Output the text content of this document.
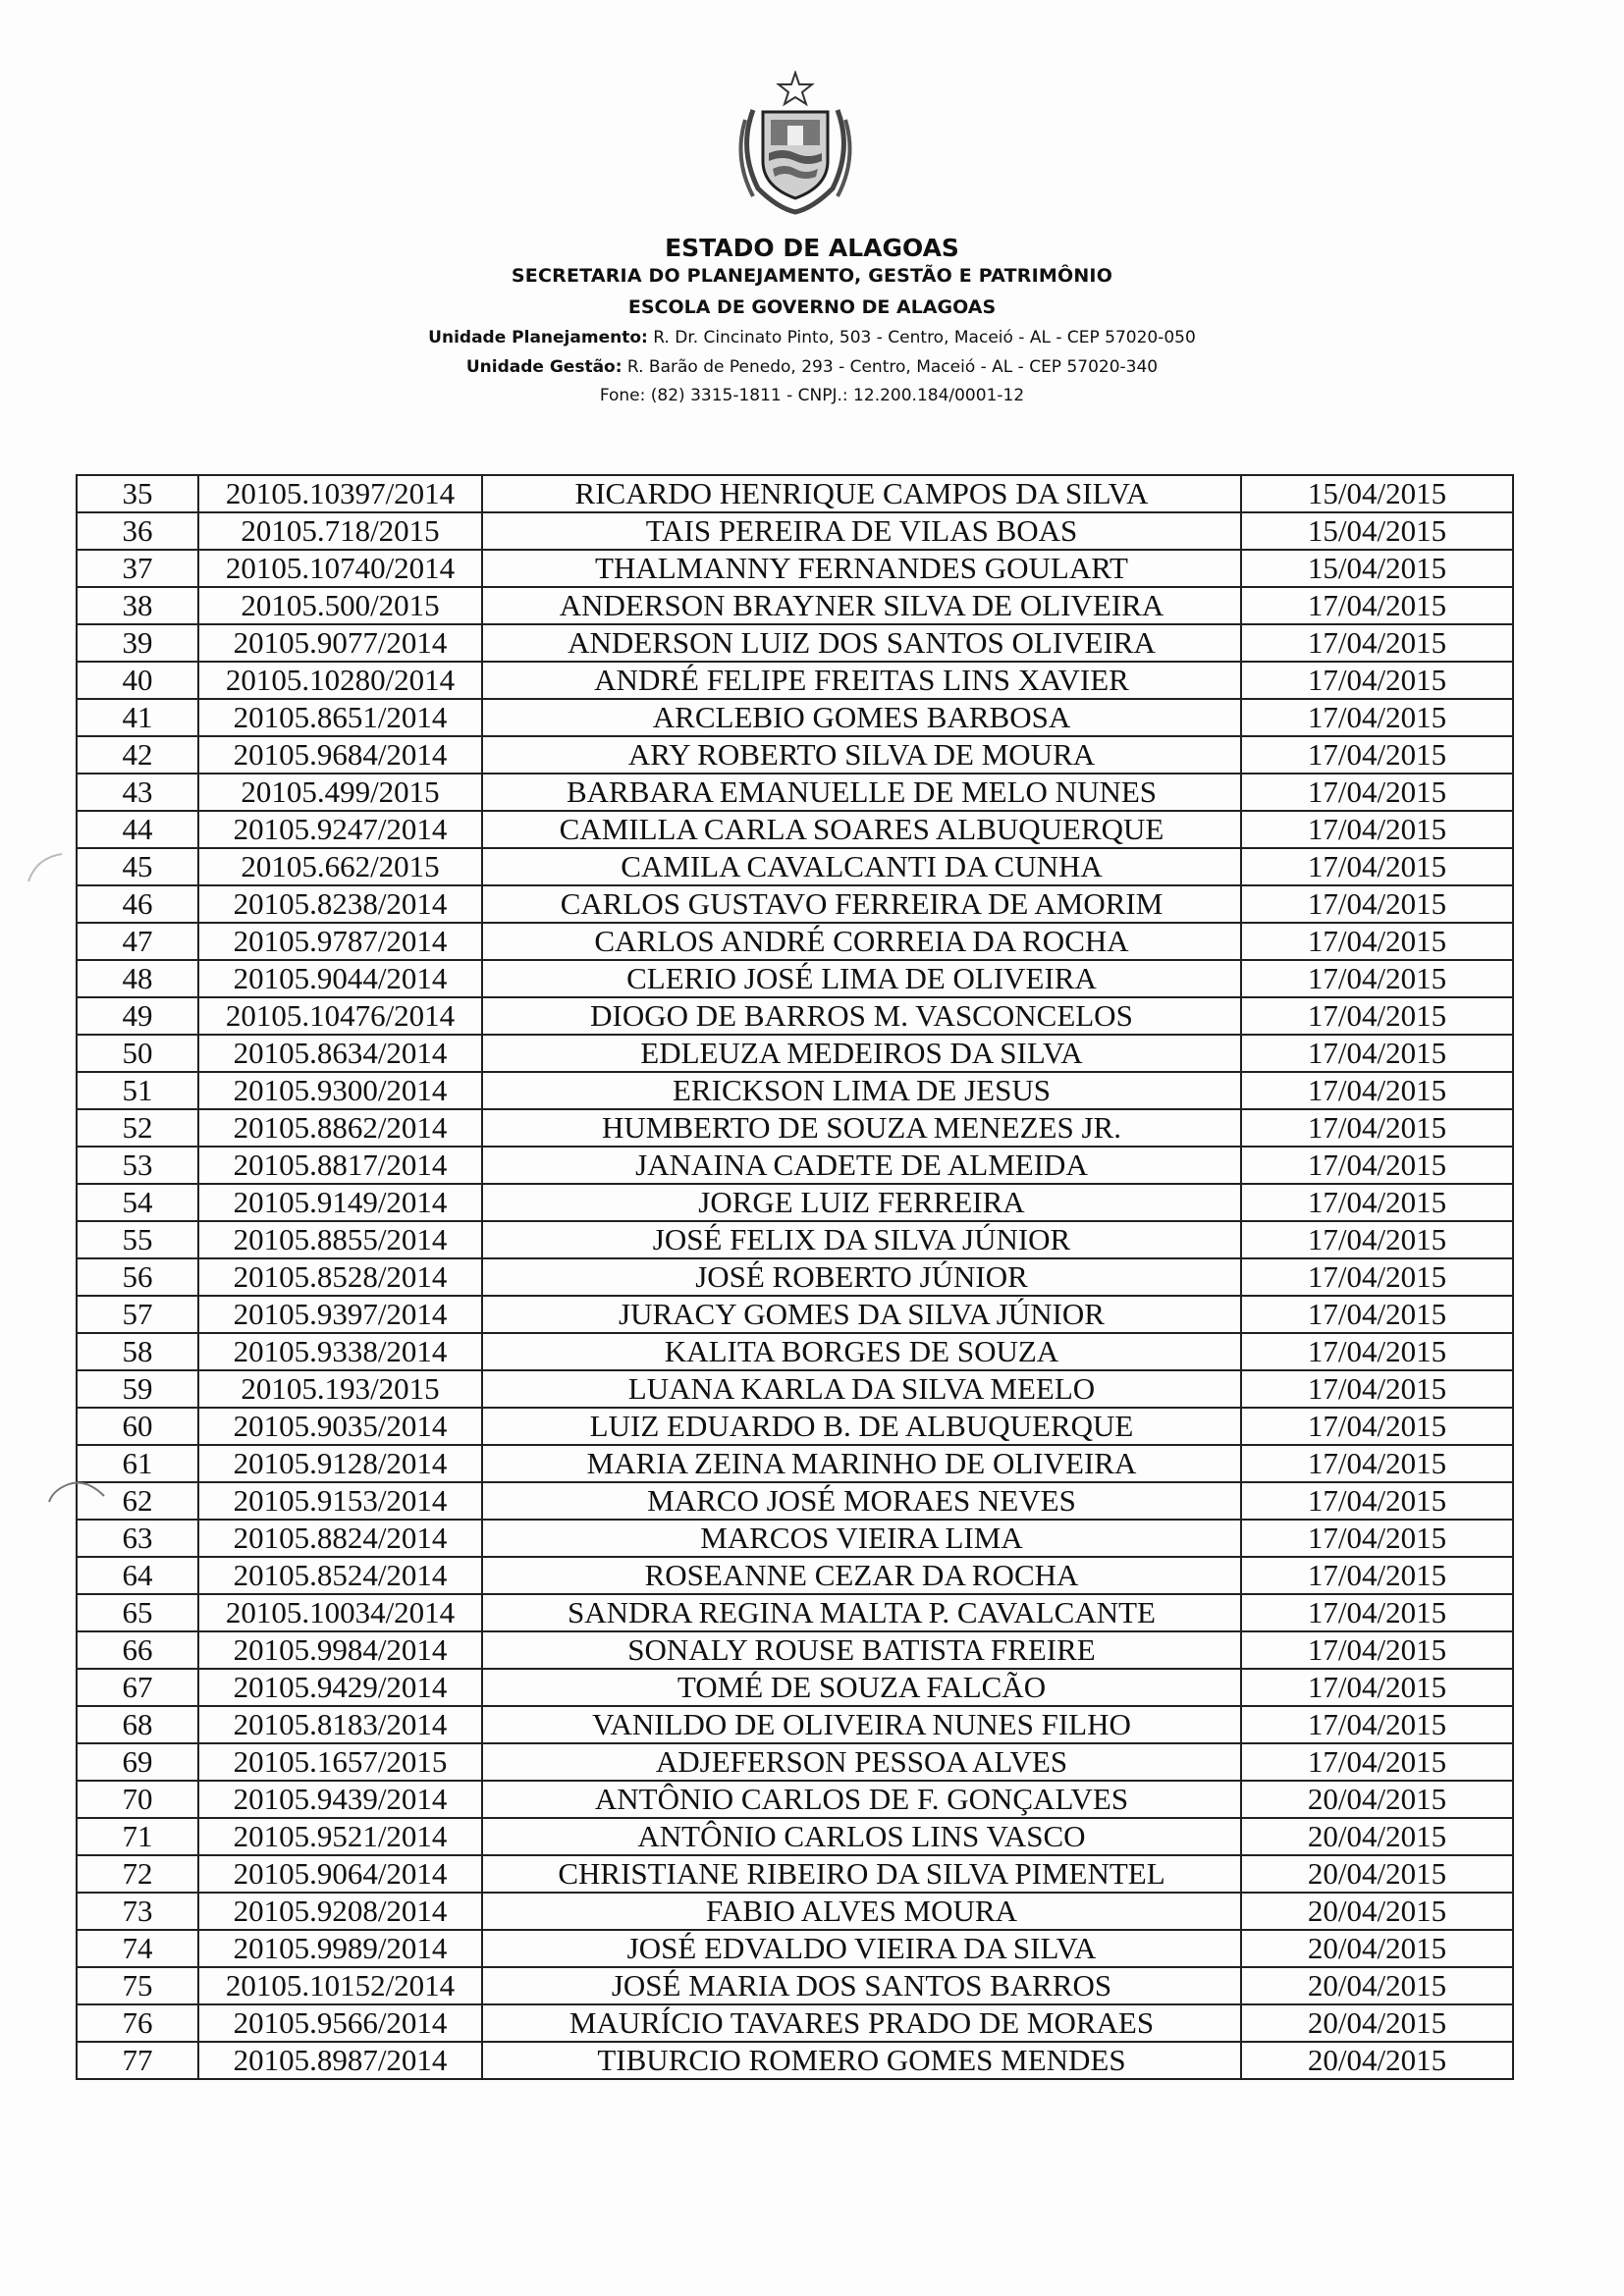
ESTADO DE ALAGOAS
SECRETARIA DO PLANEJAMENTO, GESTÃO E PATRIMÔNIO
ESCOLA DE GOVERNO DE ALAGOAS
Unidade Planejamento: R. Dr. Cincinato Pinto, 503 - Centro, Maceió - AL - CEP 57020-050
Unidade Gestão: R. Barão de Penedo, 293 - Centro, Maceió - AL - CEP 57020-340
Fone: (82) 3315-1811 - CNPJ.: 12.200.184/0001-12
35	20105.10397/2014	RICARDO HENRIQUE CAMPOS DA SILVA	15/04/2015
36	20105.718/2015	TAIS PEREIRA DE VILAS BOAS	15/04/2015
37	20105.10740/2014	THALMANNY FERNANDES GOULART	15/04/2015
38	20105.500/2015	ANDERSON BRAYNER SILVA DE OLIVEIRA	17/04/2015
39	20105.9077/2014	ANDERSON LUIZ DOS SANTOS OLIVEIRA	17/04/2015
40	20105.10280/2014	ANDRÉ FELIPE FREITAS LINS XAVIER	17/04/2015
41	20105.8651/2014	ARCLEBIO GOMES BARBOSA	17/04/2015
42	20105.9684/2014	ARY ROBERTO SILVA DE MOURA	17/04/2015
43	20105.499/2015	BARBARA EMANUELLE DE MELO NUNES	17/04/2015
44	20105.9247/2014	CAMILLA CARLA SOARES ALBUQUERQUE	17/04/2015
45	20105.662/2015	CAMILA CAVALCANTI DA CUNHA	17/04/2015
46	20105.8238/2014	CARLOS GUSTAVO FERREIRA DE AMORIM	17/04/2015
47	20105.9787/2014	CARLOS ANDRÉ CORREIA DA ROCHA	17/04/2015
48	20105.9044/2014	CLERIO JOSÉ LIMA DE OLIVEIRA	17/04/2015
49	20105.10476/2014	DIOGO DE BARROS M. VASCONCELOS	17/04/2015
50	20105.8634/2014	EDLEUZA MEDEIROS DA SILVA	17/04/2015
51	20105.9300/2014	ERICKSON LIMA DE JESUS	17/04/2015
52	20105.8862/2014	HUMBERTO DE SOUZA MENEZES JR.	17/04/2015
53	20105.8817/2014	JANAINA CADETE DE ALMEIDA	17/04/2015
54	20105.9149/2014	JORGE LUIZ FERREIRA	17/04/2015
55	20105.8855/2014	JOSÉ FELIX DA SILVA JÚNIOR	17/04/2015
56	20105.8528/2014	JOSÉ ROBERTO JÚNIOR	17/04/2015
57	20105.9397/2014	JURACY GOMES DA SILVA JÚNIOR	17/04/2015
58	20105.9338/2014	KALITA BORGES DE SOUZA	17/04/2015
59	20105.193/2015	LUANA KARLA DA SILVA MEELO	17/04/2015
60	20105.9035/2014	LUIZ EDUARDO B. DE ALBUQUERQUE	17/04/2015
61	20105.9128/2014	MARIA ZEINA MARINHO DE OLIVEIRA	17/04/2015
62	20105.9153/2014	MARCO JOSÉ MORAES NEVES	17/04/2015
63	20105.8824/2014	MARCOS VIEIRA LIMA	17/04/2015
64	20105.8524/2014	ROSEANNE CEZAR DA ROCHA	17/04/2015
65	20105.10034/2014	SANDRA REGINA MALTA P. CAVALCANTE	17/04/2015
66	20105.9984/2014	SONALY ROUSE BATISTA FREIRE	17/04/2015
67	20105.9429/2014	TOMÉ DE SOUZA FALCÃO	17/04/2015
68	20105.8183/2014	VANILDO DE OLIVEIRA NUNES FILHO	17/04/2015
69	20105.1657/2015	ADJEFERSON PESSOA ALVES	17/04/2015
70	20105.9439/2014	ANTÔNIO CARLOS DE F. GONÇALVES	20/04/2015
71	20105.9521/2014	ANTÔNIO CARLOS LINS VASCO	20/04/2015
72	20105.9064/2014	CHRISTIANE RIBEIRO DA SILVA PIMENTEL	20/04/2015
73	20105.9208/2014	FABIO ALVES MOURA	20/04/2015
74	20105.9989/2014	JOSÉ EDVALDO VIEIRA DA SILVA	20/04/2015
75	20105.10152/2014	JOSÉ MARIA DOS SANTOS BARROS	20/04/2015
76	20105.9566/2014	MAURÍCIO TAVARES PRADO DE MORAES	20/04/2015
77	20105.8987/2014	TIBURCIO ROMERO GOMES MENDES	20/04/2015
